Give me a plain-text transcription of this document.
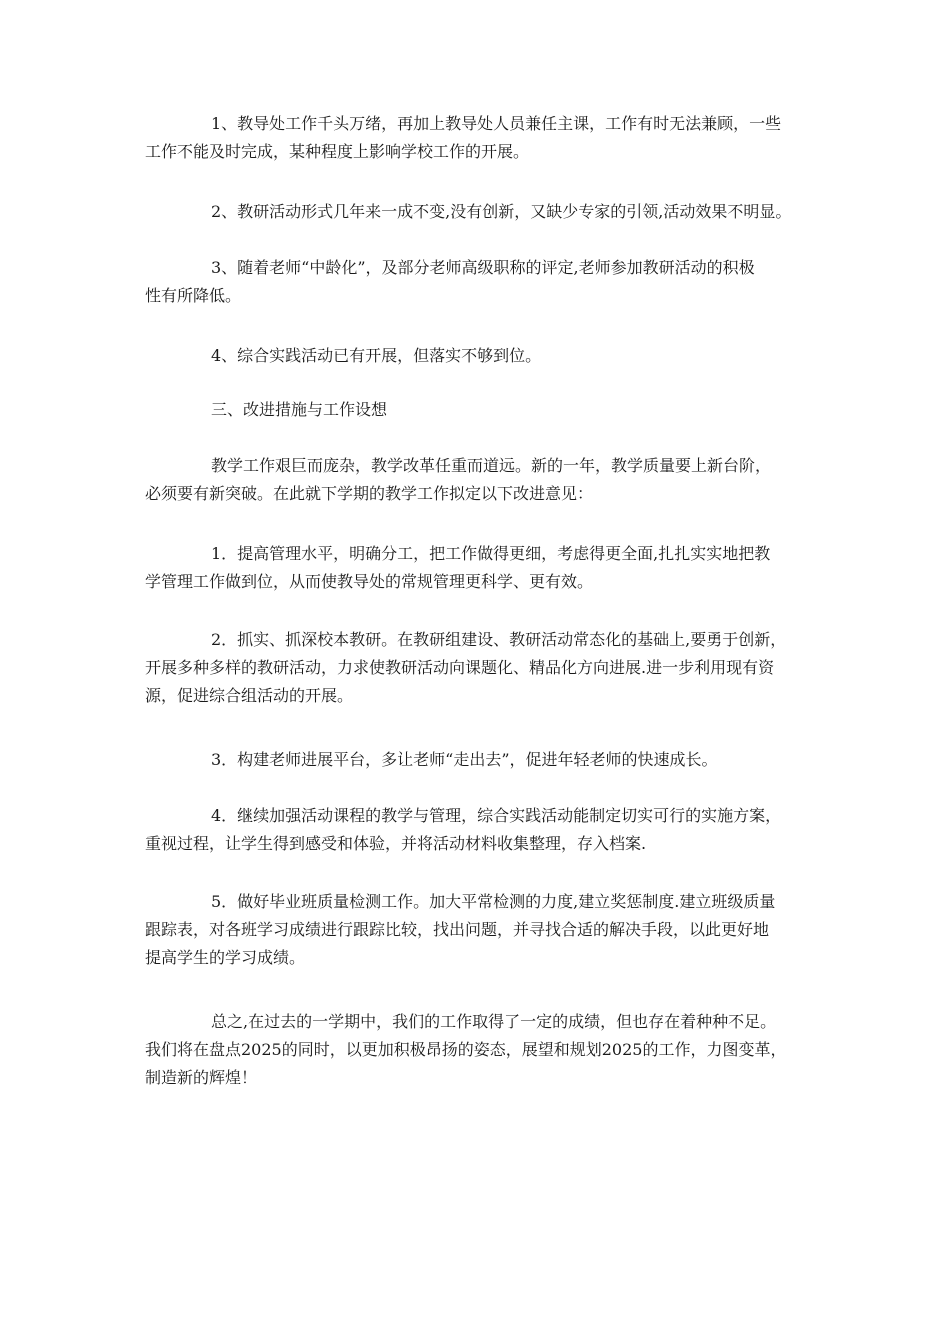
1、教导处工作千头万绪，再加上教导处人员兼任主课，工作有时无法兼顾，一些
工作不能及时完成，某种程度上影响学校工作的开展。
2、教研活动形式几年来一成不变,没有创新，又缺少专家的引领,活动效果不明显。
3、随着老师“中龄化”，及部分老师高级职称的评定,老师参加教研活动的积极
性有所降低。
4、综合实践活动已有开展，但落实不够到位。
三、改进措施与工作设想
教学工作艰巨而庞杂，教学改革任重而道远。新的一年，教学质量要上新台阶，
必须要有新突破。在此就下学期的教学工作拟定以下改进意见：
1．提高管理水平，明确分工，把工作做得更细，考虑得更全面,扎扎实实地把教
学管理工作做到位，从而使教导处的常规管理更科学、更有效。
2．抓实、抓深校本教研。在教研组建设、教研活动常态化的基础上,要勇于创新，
开展多种多样的教研活动，力求使教研活动向课题化、精品化方向进展.进一步利用现有资
源，促进综合组活动的开展。
3．构建老师进展平台，多让老师“走出去”，促进年轻老师的快速成长。
4．继续加强活动课程的教学与管理，综合实践活动能制定切实可行的实施方案，
重视过程，让学生得到感受和体验，并将活动材料收集整理，存入档案.
5．做好毕业班质量检测工作。加大平常检测的力度,建立奖惩制度.建立班级质量
跟踪表，对各班学习成绩进行跟踪比较，找出问题，并寻找合适的解决手段，以此更好地
提高学生的学习成绩。
总之,在过去的一学期中，我们的工作取得了一定的成绩，但也存在着种种不足。
我们将在盘点2025的同时，以更加积极昂扬的姿态，展望和规划2025的工作，力图变革，
制造新的辉煌！
